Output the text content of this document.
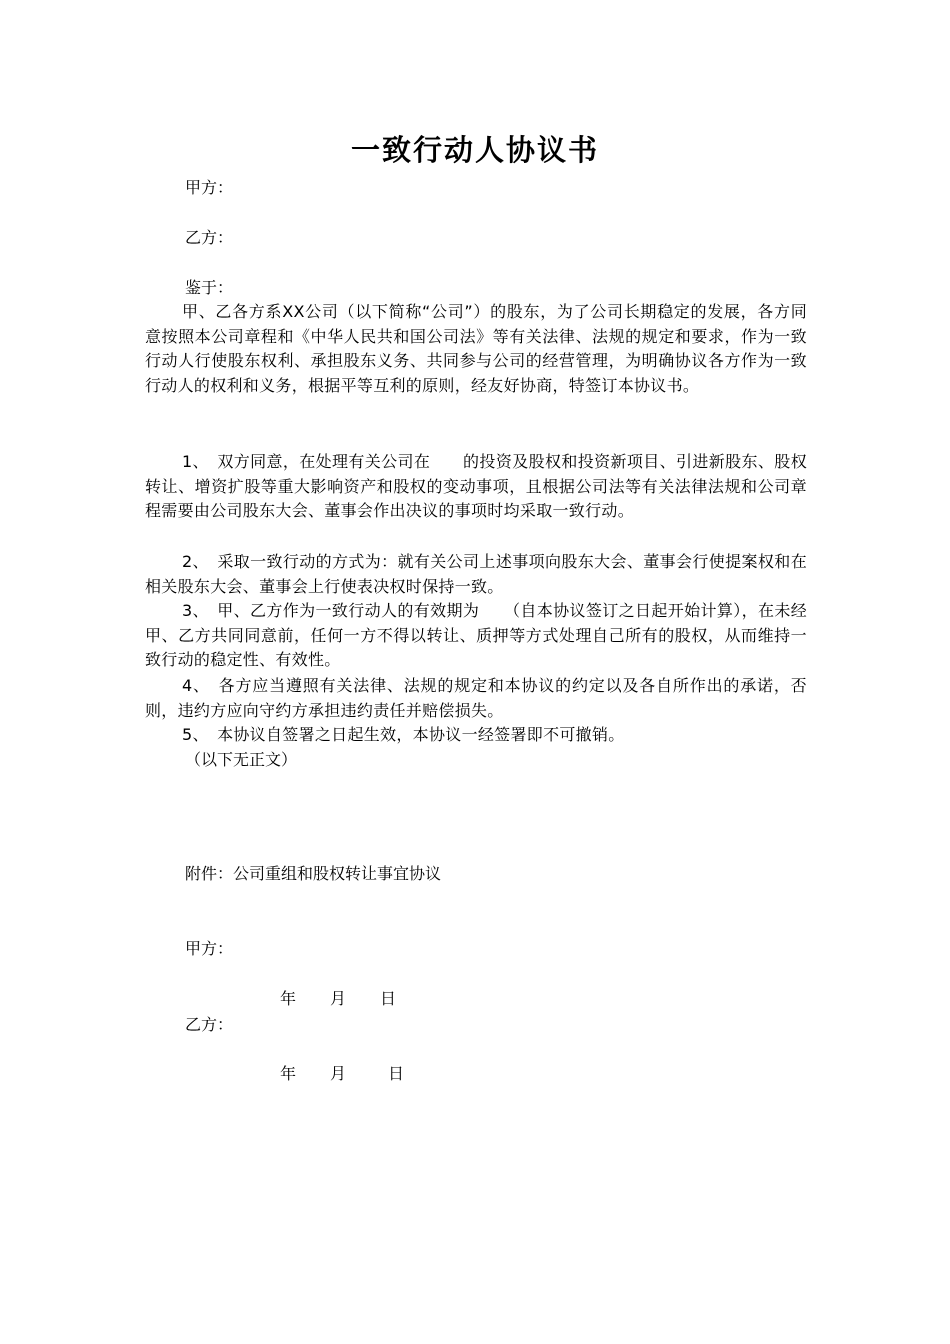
一致行动人协议书
甲方：
乙方：
鉴于：

甲、乙各方系XX公司（以下简称“公司”）的股东，为了公司长期稳定的发展，各方同意按照本公司章程和《中华人民共和国公司法》等有关法律、法规的规定和要求，作为一致行动人行使股东权利、承担股东义务、共同参与公司的经营管理，为明确协议各方作为一致行动人的权利和义务，根据平等互利的原则，经友好协商，特签订本协议书。

1、　双方同意，在处理有关公司在　　的投资及股权和投资新项目、引进新股东、股权转让、增资扩股等重大影响资产和股权的变动事项，且根据公司法等有关法律法规和公司章程需要由公司股东大会、董事会作出决议的事项时均采取一致行动。

2、　采取一致行动的方式为：就有关公司上述事项向股东大会、董事会行使提案权和在相关股东大会、董事会上行使表决权时保持一致。

3、　甲、乙方作为一致行动人的有效期为　　（自本协议签订之日起开始计算），在未经甲、乙方共同同意前，任何一方不得以转让、质押等方式处理自己所有的股权，从而维持一致行动的稳定性、有效性。

4、　各方应当遵照有关法律、法规的规定和本协议的约定以及各自所作出的承诺，否则，违约方应向守约方承担违约责任并赔偿损失。

5、　本协议自签署之日起生效，本协议一经签署即不可撤销。

（以下无正文）
附件：公司重组和股权转让事宜协议
甲方：
年 月 日
乙方：
年 月	日
